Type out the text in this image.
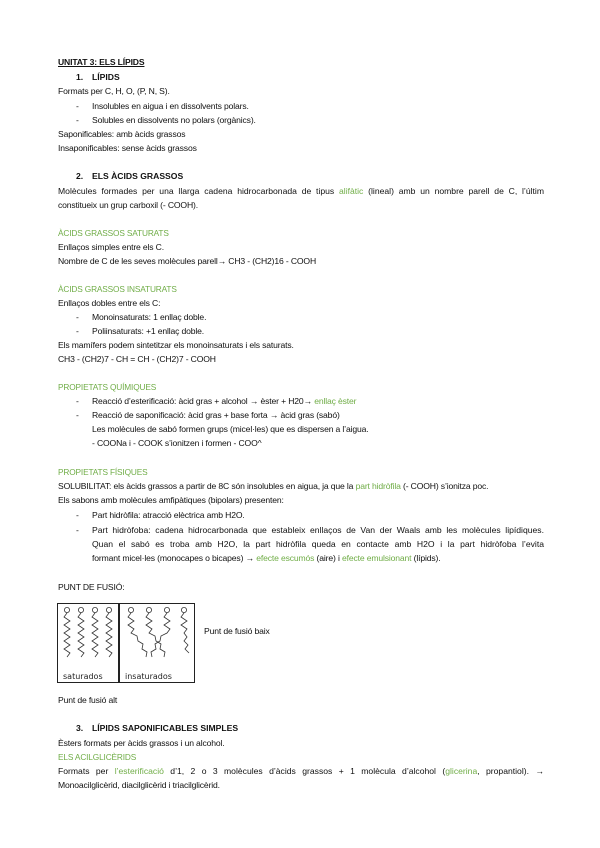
UNITAT 3: ELS LÍPIDS
1. LÍPIDS
Formats per C, H, O, (P, N, S).
- Insolubles en aigua i en dissolvents polars.
- Solubles en dissolvents no polars (orgànics).
Saponificables: amb àcids grassos
Insaponificables: sense àcids grassos
2. ELS ÀCIDS GRASSOS
Molècules formades per una llarga cadena hidrocarbonada de tipus alifàtic (lineal) amb un nombre parell de C, l’últim
constitueix un grup carboxil (- COOH).
ÀCIDS GRASSOS SATURATS
Enllaços simples entre els C.
Nombre de C de les seves molècules parell→ CH3 - (CH2)16 - COOH
ÀCIDS GRASSOS INSATURATS
Enllaços dobles entre els C:
- Monoinsaturats: 1 enllaç doble.
- Poliinsaturats: +1 enllaç doble.
Els mamífers podem sintetitzar els monoinsaturats i els saturats.
CH3 - (CH2)7 - CH = CH - (CH2)7 - COOH
PROPIETATS QUÍMIQUES
- Reacció d’esterificació: àcid gras + alcohol → èster + H20→ enllaç èster
- Reacció de saponificació: àcid gras + base forta → àcid gras (sabó)
Les molècules de sabó formen grups (micel·les) que es dispersen a l’aigua.
- COONa i - COOK s’ionitzen i formen - COO^
PROPIETATS FÍSIQUES
SOLUBILITAT: els àcids grassos a partir de 8C són insolubles en aigua, ja que la part hidròfila (- COOH) s’ionitza poc.
Els sabons amb molècules amfipàtiques (bipolars) presenten:
- Part hidròfila: atracció elèctrica amb H2O.
- Part hidròfoba: cadena hidrocarbonada que estableix enllaços de Van der Waals amb les molècules lipídiques.
Quan el sabó es troba amb H2O, la part hidròfila queda en contacte amb H2O i la part hidròfoba l’evita
formant micel·les (monocapes o bicapes) → efecte escumós (aire) i efecte emulsionant (lípids).
PUNT DE FUSIÓ:
saturados	insaturados
Punt de fusió baix
Punt de fusió alt
3. LÍPIDS SAPONIFICABLES SIMPLES
Èsters formats per àcids grassos i un alcohol.
ELS ACILGLICÈRIDS
Formats per l’esterificació d’1, 2 o 3 molècules d’àcids grassos + 1 molècula d’alcohol (glicerina, propantiol). →
Monoacilglicèrid, diacilglicèrid i triacilglicèrid.
